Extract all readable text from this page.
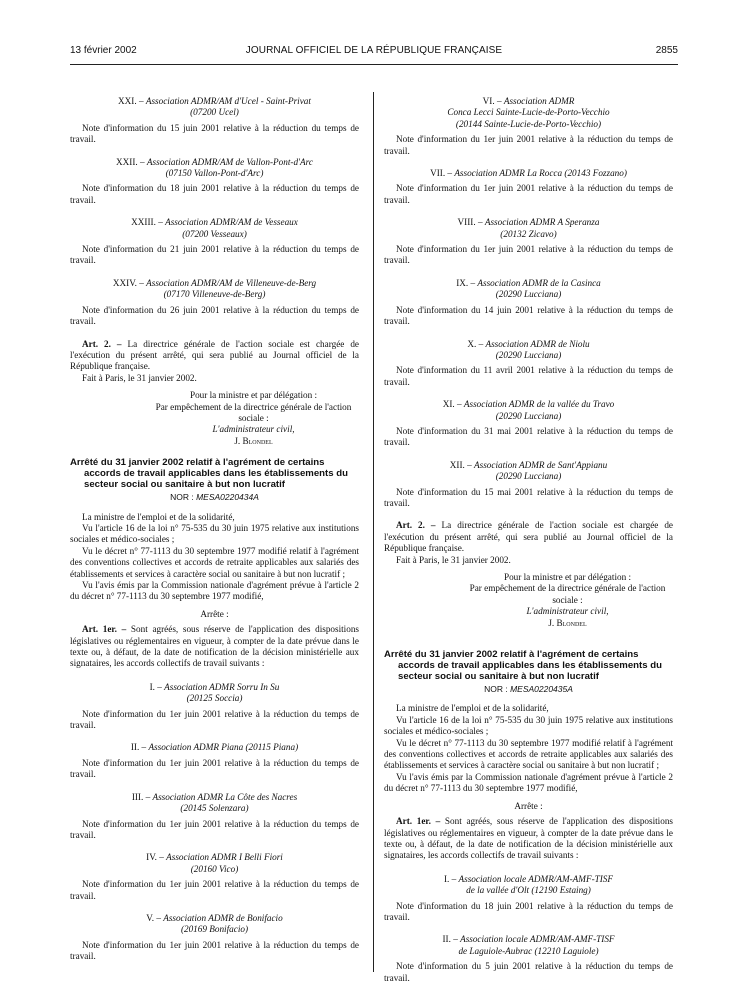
13 février 2002	JOURNAL OFFICIEL DE LA RÉPUBLIQUE FRANÇAISE	2855
XXI. – Association ADMR/AM d'Ucel - Saint-Privat
(07200 Ucel)
Note d'information du 15 juin 2001 relative à la réduction du temps de travail.
XXII. – Association ADMR/AM de Vallon-Pont-d'Arc
(07150 Vallon-Pont-d'Arc)
Note d'information du 18 juin 2001 relative à la réduction du temps de travail.
XXIII. – Association ADMR/AM de Vesseaux
(07200 Vesseaux)
Note d'information du 21 juin 2001 relative à la réduction du temps de travail.
XXIV. – Association ADMR/AM de Villeneuve-de-Berg
(07170 Villeneuve-de-Berg)
Note d'information du 26 juin 2001 relative à la réduction du temps de travail.
Art. 2. – La directrice générale de l'action sociale est chargée de l'exécution du présent arrêté, qui sera publié au Journal officiel de la République française.
Fait à Paris, le 31 janvier 2002.
Pour la ministre et par délégation :
Par empêchement de la directrice générale de l'action sociale :
L'administrateur civil,
J. Blondel
Arrêté du 31 janvier 2002 relatif à l'agrément de certains
accords de travail applicables dans les établissements du secteur social ou sanitaire à but non lucratif
NOR : MESA0220434A
La ministre de l'emploi et de la solidarité,
Vu l'article 16 de la loi n° 75-535 du 30 juin 1975 relative aux institutions sociales et médico-sociales ;
Vu le décret n° 77-1113 du 30 septembre 1977 modifié relatif à l'agrément des conventions collectives et accords de retraite applicables aux salariés des établissements et services à caractère social ou sanitaire à but non lucratif ;
Vu l'avis émis par la Commission nationale d'agrément prévue à l'article 2 du décret n° 77-1113 du 30 septembre 1977 modifié,
Arrête :
Art. 1er. – Sont agréés, sous réserve de l'application des dispositions législatives ou réglementaires en vigueur, à compter de la date prévue dans le texte ou, à défaut, de la date de notification de la décision ministérielle aux signataires, les accords collectifs de travail suivants :
I. – Association ADMR Sorru In Su
(20125 Soccia)
Note d'information du 1er juin 2001 relative à la réduction du temps de travail.
II. – Association ADMR Piana (20115 Piana)
Note d'information du 1er juin 2001 relative à la réduction du temps de travail.
III. – Association ADMR La Côte des Nacres
(20145 Solenzara)
Note d'information du 1er juin 2001 relative à la réduction du temps de travail.
IV. – Association ADMR I Belli Fiori
(20160 Vico)
Note d'information du 1er juin 2001 relative à la réduction du temps de travail.
V. – Association ADMR de Bonifacio
(20169 Bonifacio)
Note d'information du 1er juin 2001 relative à la réduction du temps de travail.
VI. – Association ADMR
Conca Lecci Sainte-Lucie-de-Porto-Vecchio
(20144 Sainte-Lucie-de-Porto-Vecchio)
Note d'information du 1er juin 2001 relative à la réduction du temps de travail.
VII. – Association ADMR La Rocca (20143 Fozzano)
Note d'information du 1er juin 2001 relative à la réduction du temps de travail.
VIII. – Association ADMR A Speranza
(20132 Zicavo)
Note d'information du 1er juin 2001 relative à la réduction du temps de travail.
IX. – Association ADMR de la Casinca
(20290 Lucciana)
Note d'information du 14 juin 2001 relative à la réduction du temps de travail.
X. – Association ADMR de Niolu
(20290 Lucciana)
Note d'information du 11 avril 2001 relative à la réduction du temps de travail.
XI. – Association ADMR de la vallée du Travo
(20290 Lucciana)
Note d'information du 31 mai 2001 relative à la réduction du temps de travail.
XII. – Association ADMR de Sant'Appianu
(20290 Lucciana)
Note d'information du 15 mai 2001 relative à la réduction du temps de travail.
Art. 2. – La directrice générale de l'action sociale est chargée de l'exécution du présent arrêté, qui sera publié au Journal officiel de la République française.
Fait à Paris, le 31 janvier 2002.
Pour la ministre et par délégation :
Par empêchement de la directrice générale de l'action sociale :
L'administrateur civil,
J. Blondel
Arrêté du 31 janvier 2002 relatif à l'agrément de certains
accords de travail applicables dans les établissements du secteur social ou sanitaire à but non lucratif
NOR : MESA0220435A
La ministre de l'emploi et de la solidarité,
Vu l'article 16 de la loi n° 75-535 du 30 juin 1975 relative aux institutions sociales et médico-sociales ;
Vu le décret n° 77-1113 du 30 septembre 1977 modifié relatif à l'agrément des conventions collectives et accords de retraite applicables aux salariés des établissements et services à caractère social ou sanitaire à but non lucratif ;
Vu l'avis émis par la Commission nationale d'agrément prévue à l'article 2 du décret n° 77-1113 du 30 septembre 1977 modifié,
Arrête :
Art. 1er. – Sont agréés, sous réserve de l'application des dispositions législatives ou réglementaires en vigueur, à compter de la date prévue dans le texte ou, à défaut, de la date de notification de la décision ministérielle aux signataires, les accords collectifs de travail suivants :
I. – Association locale ADMR/AM-AMF-TISF
de la vallée d'Olt (12190 Estaing)
Note d'information du 18 juin 2001 relative à la réduction du temps de travail.
II. – Association locale ADMR/AM-AMF-TISF
de Laguiole-Aubrac (12210 Laguiole)
Note d'information du 5 juin 2001 relative à la réduction du temps de travail.
